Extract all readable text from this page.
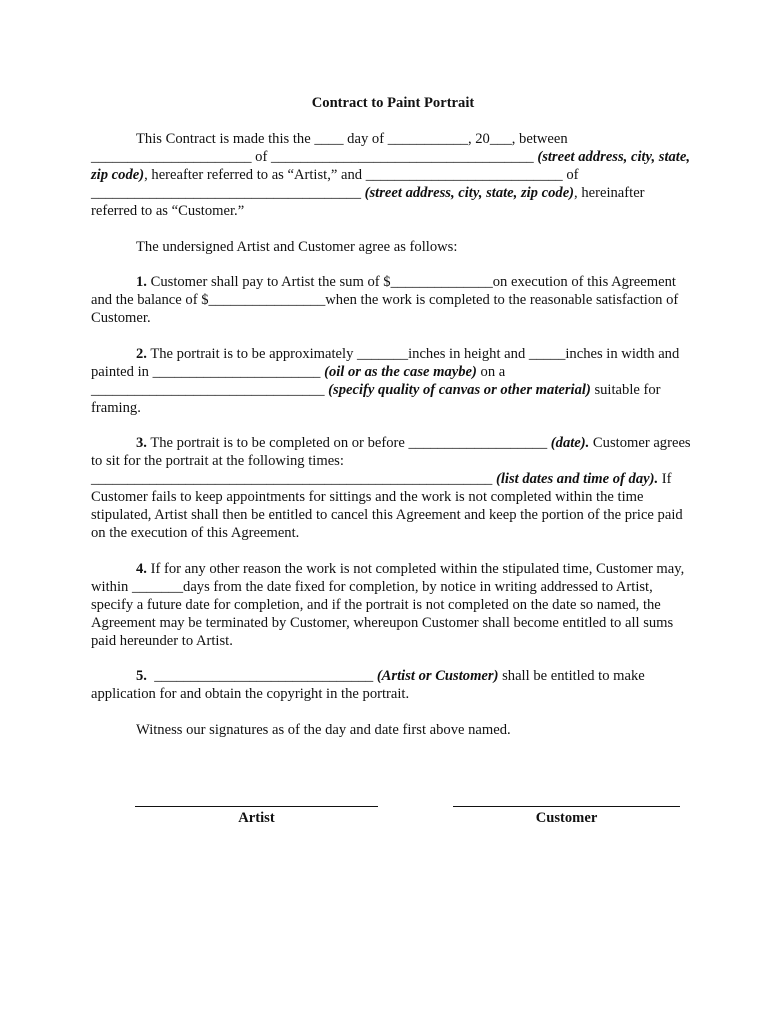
Contract to Paint Portrait

This Contract is made this the ____ day of ___________, 20___, between ______________________ of ____________________________________ (street address, city, state, zip code), hereafter referred to as “Artist,” and ___________________________ of _____________________________________ (street address, city, state, zip code), hereinafter referred to as “Customer.”

The undersigned Artist and Customer agree as follows:

1. Customer shall pay to Artist the sum of $______________on execution of this Agreement and the balance of $________________when the work is completed to the reasonable satisfaction of Customer.

2. The portrait is to be approximately _______inches in height and _____inches in width and painted in _______________________ (oil or as the case maybe) on a ________________________________ (specify quality of canvas or other material) suitable for framing.

3. The portrait is to be completed on or before ___________________ (date). Customer agrees to sit for the portrait at the following times: _______________________________________________________ (list dates and time of day). If Customer fails to keep appointments for sittings and the work is not completed within the time stipulated, Artist shall then be entitled to cancel this Agreement and keep the portion of the price paid on the execution of this Agreement.

4. If for any other reason the work is not completed within the stipulated time, Customer may, within _______days from the date fixed for completion, by notice in writing addressed to Artist, specify a future date for completion, and if the portrait is not completed on the date so named, the Agreement may be terminated by Customer, whereupon Customer shall become entitled to all sums paid hereunder to Artist.

5.  ______________________________ (Artist or Customer) shall be entitled to make application for and obtain the copyright in the portrait.

Witness our signatures as of the day and date first above named.

Artist	Customer
